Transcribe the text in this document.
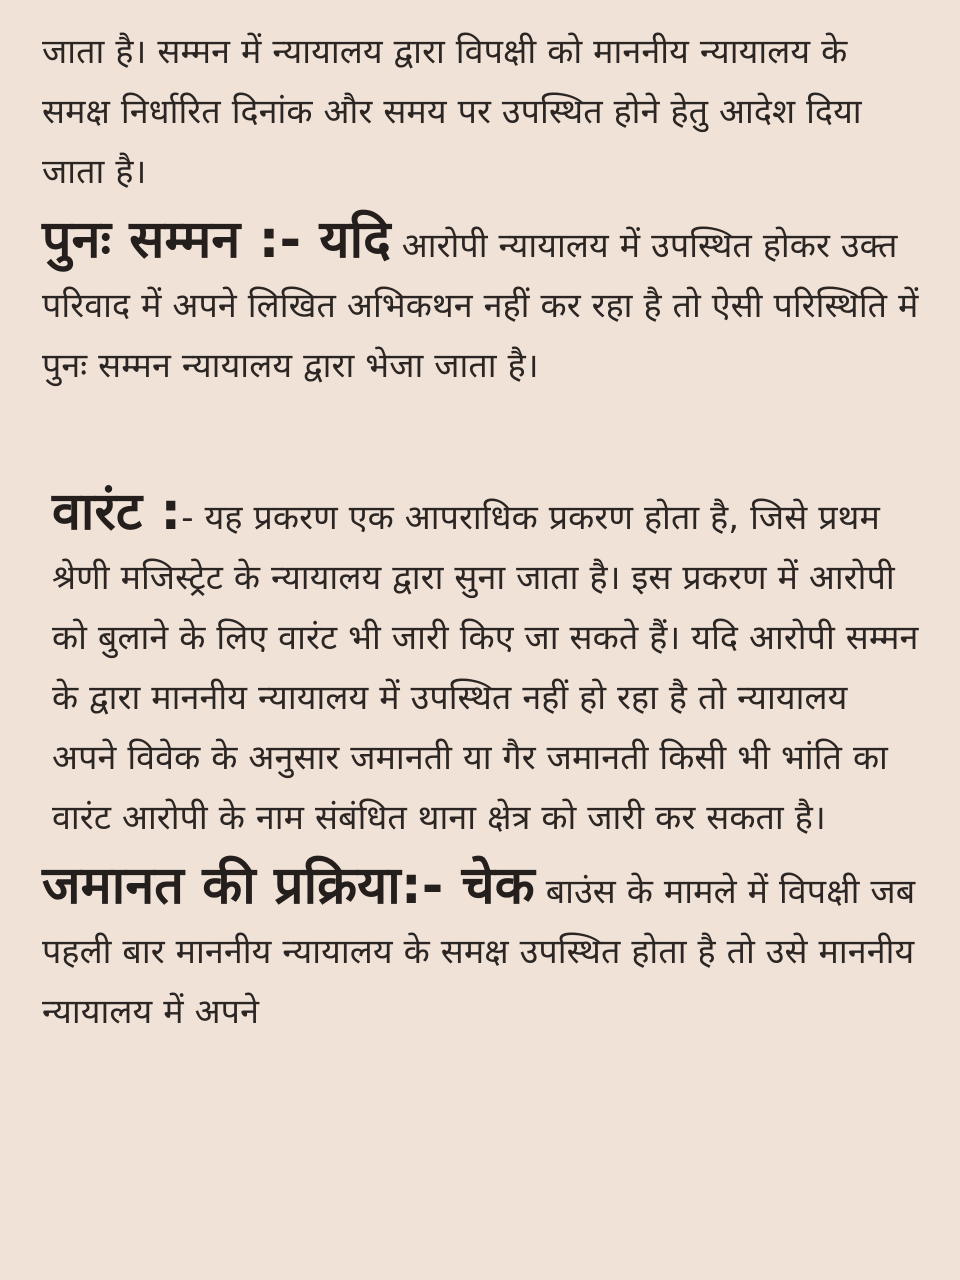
जाता है। सम्मन में न्यायालय द्वारा विपक्षी को माननीय न्यायालय के समक्ष निर्धारित दिनांक और समय पर उपस्थित होने हेतु आदेश दिया जाता है।

पुनः सम्मन :- यदि आरोपी न्यायालय में उपस्थित होकर उक्त परिवाद में अपने लिखित अभिकथन नहीं कर रहा है तो ऐसी परिस्थिति में पुनः सम्मन न्यायालय द्वारा भेजा जाता है।

वारंट :- यह प्रकरण एक आपराधिक प्रकरण होता है, जिसे प्रथम श्रेणी मजिस्ट्रेट के न्यायालय द्वारा सुना जाता है। इस प्रकरण में आरोपी को बुलाने के लिए वारंट भी जारी किए जा सकते हैं। यदि आरोपी सम्मन के द्वारा माननीय न्यायालय में उपस्थित नहीं हो रहा है तो न्यायालय अपने विवेक के अनुसार जमानती या गैर जमानती किसी भी भांति का वारंट आरोपी के नाम संबंधित थाना क्षेत्र को जारी कर सकता है।

जमानत की प्रक्रिया:- चेक बाउंस के मामले में विपक्षी जब पहली बार माननीय न्यायालय के समक्ष उपस्थित होता है तो उसे माननीय न्यायालय में अपने
